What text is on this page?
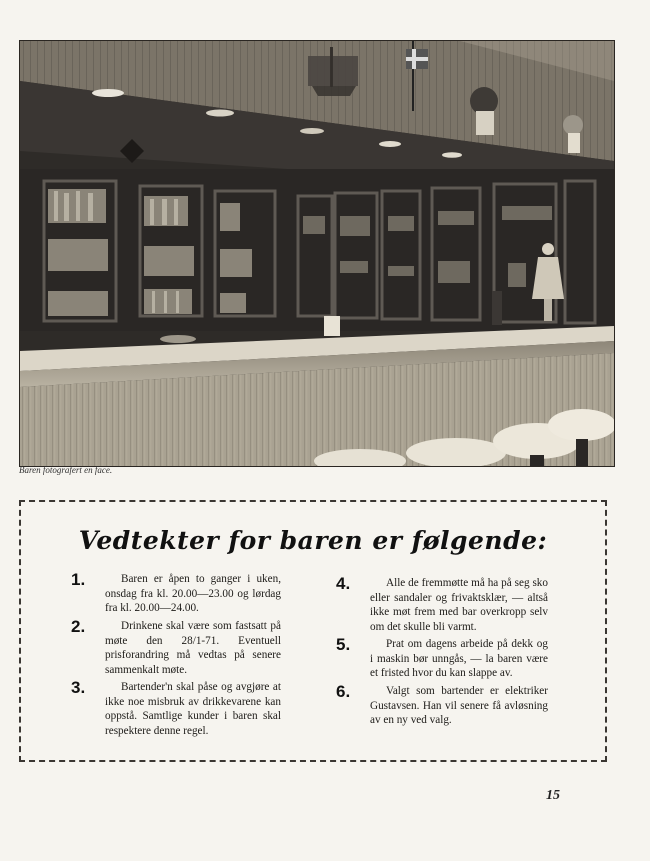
Baren fotografert en face.
Vedtekter for baren er følgende:
1.	Baren er åpen to ganger i uken, onsdag fra kl. 20.00—23.00 og lørdag fra kl. 20.00—24.00.
2.	Drinkene skal være som fastsatt på møte den 28/1-71. Eventuell prisforandring må vedtas på senere sammenkalt møte.
3.	Bartender'n skal påse og avgjøre at ikke noe misbruk av drikkevarene kan oppstå. Samtlige kunder i baren skal respektere denne regel.
4.	Alle de fremmøtte må ha på seg sko eller sandaler og frivaktsklær, — altså ikke møt frem med bar overkropp selv om det skulle bli varmt.
5.	Prat om dagens arbeide på dekk og i maskin bør unngås, — la baren være et fristed hvor du kan slappe av.
6.	Valgt som bartender er elektriker Gustavsen. Han vil senere få avløsning av en ny ved valg.
15
